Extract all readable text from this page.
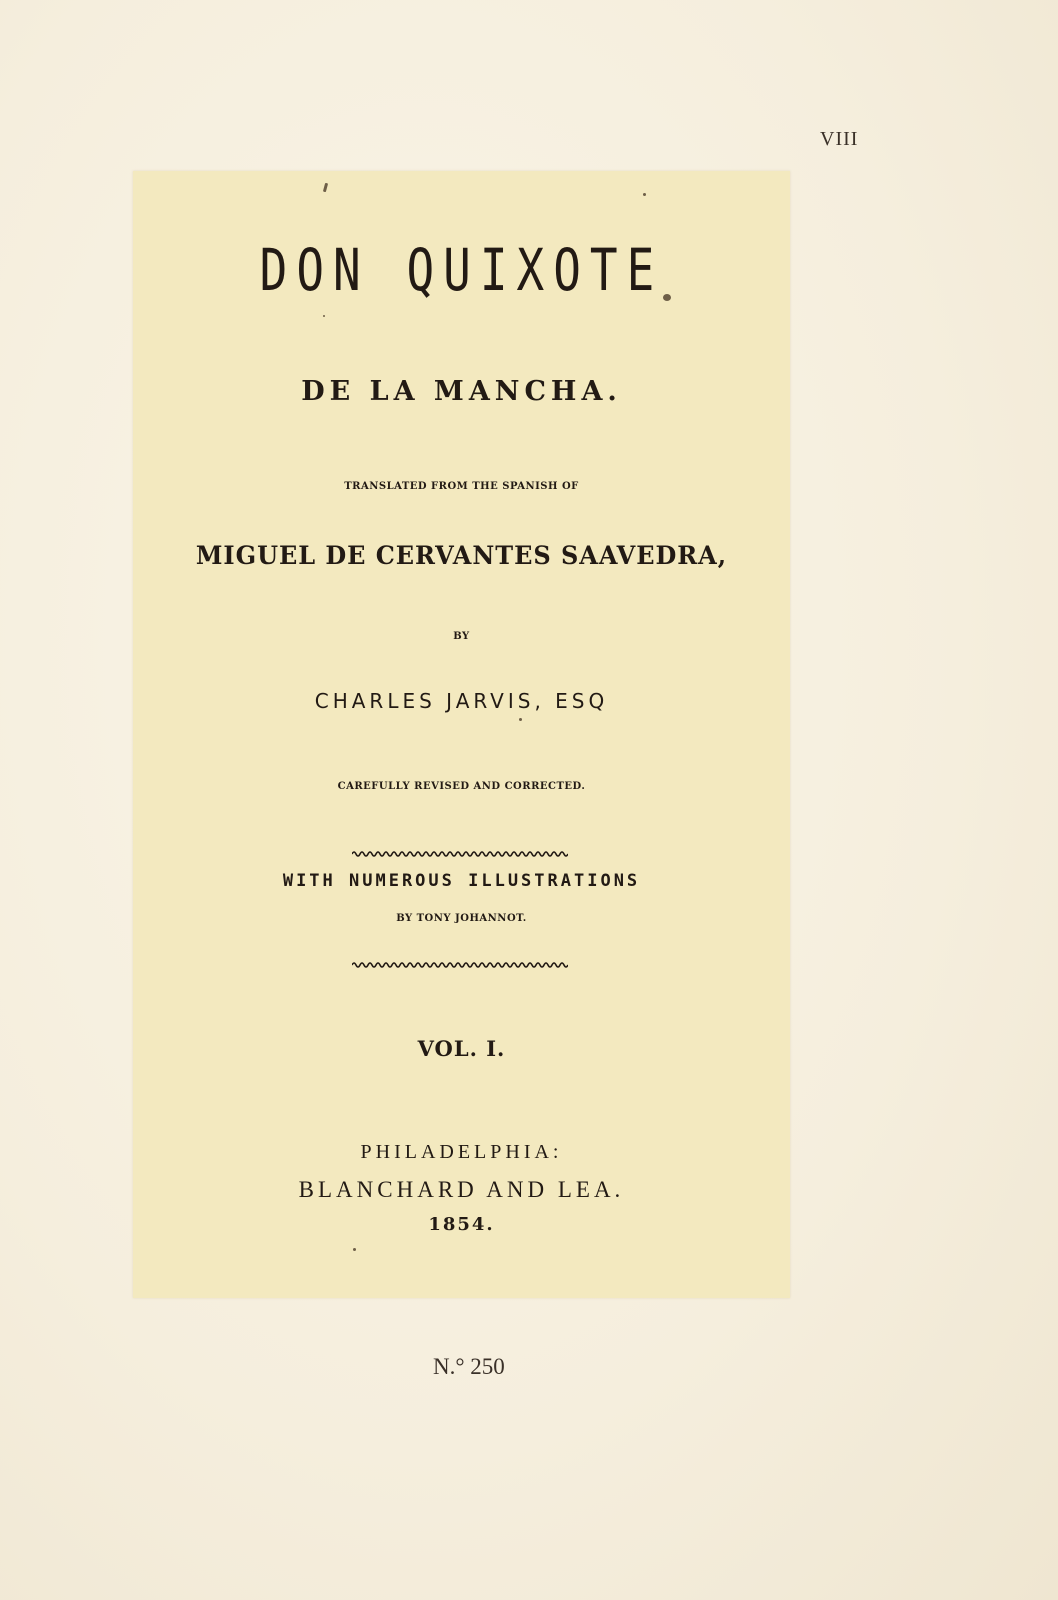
VIII
DON QUIXOTE
DE LA MANCHA.
TRANSLATED FROM THE SPANISH OF
MIGUEL DE CERVANTES SAAVEDRA,
BY
CHARLES JARVIS, ESQ
CAREFULLY REVISED AND CORRECTED.
WITH NUMEROUS ILLUSTRATIONS
BY TONY JOHANNOT.
VOL. I.
PHILADELPHIA:
BLANCHARD AND LEA.
1854.
N.° 250
